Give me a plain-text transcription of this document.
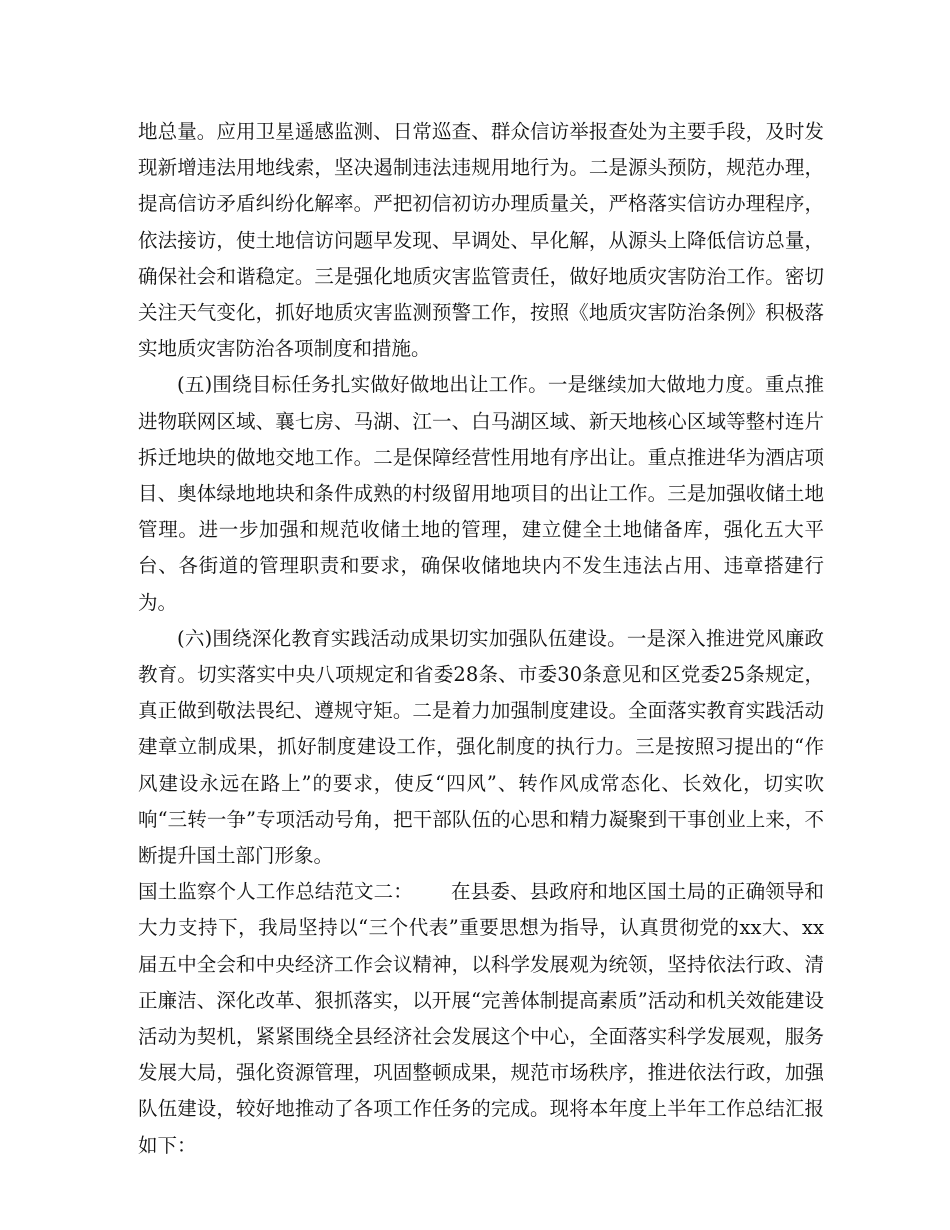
地总量。应用卫星遥感监测、日常巡查、群众信访举报查处为主要手段，及时发现新增违法用地线索，坚决遏制违法违规用地行为。二是源头预防，规范办理，提高信访矛盾纠纷化解率。严把初信初访办理质量关，严格落实信访办理程序，依法接访，使土地信访问题早发现、早调处、早化解，从源头上降低信访总量，确保社会和谐稳定。三是强化地质灾害监管责任，做好地质灾害防治工作。密切关注天气变化，抓好地质灾害监测预警工作，按照《地质灾害防治条例》积极落实地质灾害防治各项制度和措施。

(五)围绕目标任务扎实做好做地出让工作。一是继续加大做地力度。重点推进物联网区域、襄七房、马湖、江一、白马湖区域、新天地核心区域等整村连片拆迁地块的做地交地工作。二是保障经营性用地有序出让。重点推进华为酒店项目、奥体绿地地块和条件成熟的村级留用地项目的出让工作。三是加强收储土地管理。进一步加强和规范收储土地的管理，建立健全土地储备库，强化五大平台、各街道的管理职责和要求，确保收储地块内不发生违法占用、违章搭建行为。

(六)围绕深化教育实践活动成果切实加强队伍建设。一是深入推进党风廉政教育。切实落实中央八项规定和省委28条、市委30条意见和区党委25条规定，真正做到敬法畏纪、遵规守矩。二是着力加强制度建设。全面落实教育实践活动建章立制成果，抓好制度建设工作，强化制度的执行力。三是按照习提出的“作风建设永远在路上”的要求，使反“四风”、转作风成常态化、长效化，切实吹响“三转一争”专项活动号角，把干部队伍的心思和精力凝聚到干事创业上来，不断提升国土部门形象。

国土监察个人工作总结范文二： 在县委、县政府和地区国土局的正确领导和大力支持下，我局坚持以“三个代表”重要思想为指导，认真贯彻党的xx大、xx届五中全会和中央经济工作会议精神，以科学发展观为统领，坚持依法行政、清正廉洁、深化改革、狠抓落实，以开展“完善体制提高素质”活动和机关效能建设活动为契机，紧紧围绕全县经济社会发展这个中心，全面落实科学发展观，服务发展大局，强化资源管理，巩固整顿成果，规范市场秩序，推进依法行政，加强队伍建设，较好地推动了各项工作任务的完成。现将本年度上半年工作总结汇报如下：
